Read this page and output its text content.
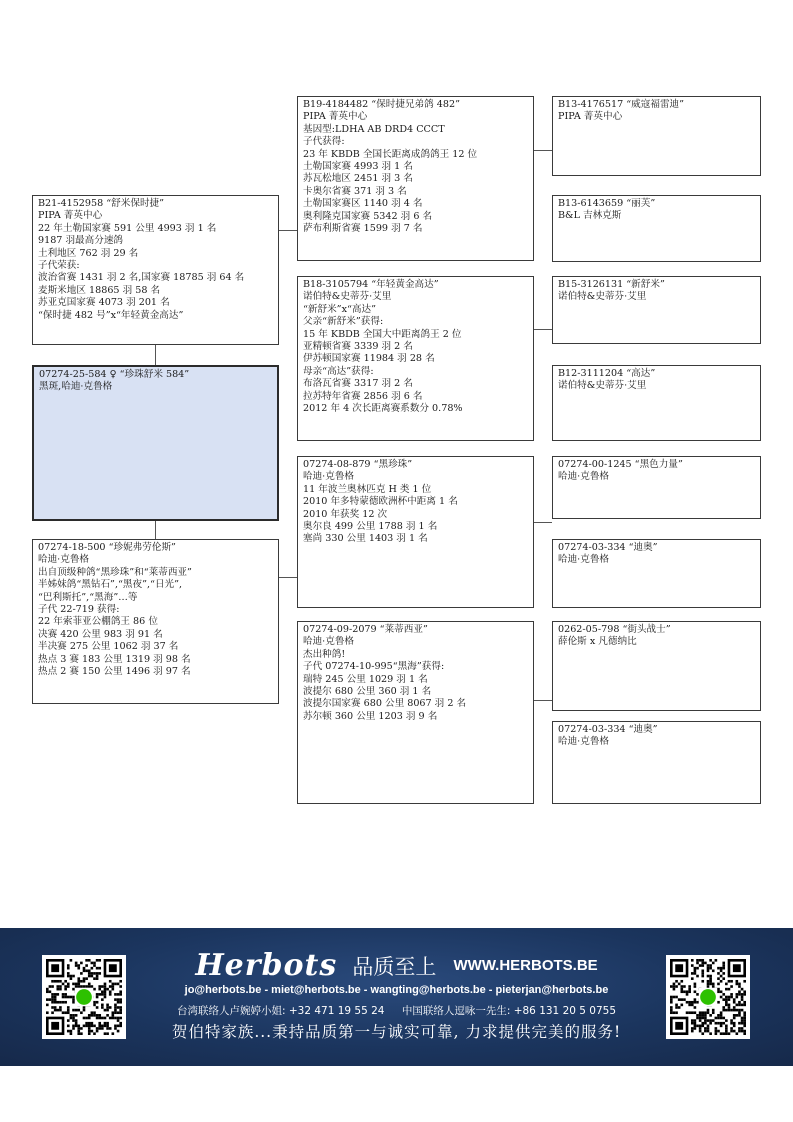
B21-4152958 “舒米保时捷”
PIPA 菁英中心
22 年土勒国家赛 591 公里 4993 羽 1 名
9187 羽最高分速鸽
土利地区 762 羽 29 名
子代荣获:
波治省赛 1431 羽 2 名,国家赛 18785 羽 64 名
麦斯米地区 18865 羽 58 名
苏亚克国家赛 4073 羽 201 名
“保时捷 482 号”x“年轻黄金高达”
07274-25-584 ♀ “珍珠舒米 584”
黑斑,哈迪·克鲁格
07274-18-500 “珍妮弗劳伦斯”
哈迪·克鲁格
出自顶级种鸽“黑珍珠”和“莱蒂西亚”
半姊妹鸽“黑钻石”,“黑夜”,“日光”,
“巴利斯托”,“黑海”…等
子代 22-719 获得:
22 年索菲亚公棚鸽王 86 位
决赛 420 公里 983 羽 91 名
半决赛 275 公里 1062 羽 37 名
热点 3 赛 183 公里 1319 羽 98 名
热点 2 赛 150 公里 1496 羽 97 名
B19-4184482 “保时捷兄弟鸽 482”
PIPA 菁英中心
基因型:LDHA AB DRD4 CCCT
子代获得:
23 年 KBDB 全国长距离成鸽鸽王 12 位
土勒国家赛 4993 羽 1 名
苏瓦松地区 2451 羽 3 名
卡奥尔省赛 371 羽 3 名
土勒国家赛区 1140 羽 4 名
奥利隆克国家赛 5342 羽 6 名
萨布利斯省赛 1599 羽 7 名
B18-3105794 “年轻黄金高达”
诺伯特&史蒂芬·艾里
“新舒米”x“高达”
父亲“新舒米”获得:
15 年 KBDB 全国大中距离鸽王 2 位
亚精顿省赛 3339 羽 2 名
伊苏顿国家赛 11984 羽 28 名
母亲“高达”获得:
布洛瓦省赛 3317 羽 2 名
拉苏特年省赛 2856 羽 6 名
2012 年 4 次长距离赛系数分 0.78%
07274-08-879 “黑珍珠”
哈迪·克鲁格
11 年波兰奥林匹克 H 类 1 位
2010 年多特蒙德欧洲杯中距离 1 名
2010 年获奖 12 次
奥尔良 499 公里 1788 羽 1 名
塞尚 330 公里 1403 羽 1 名
07274-09-2079 “莱蒂西亚”
哈迪·克鲁格
杰出种鸽!
子代 07274-10-995“黑海”获得:
瑞特 245 公里 1029 羽 1 名
波提尔 680 公里 360 羽 1 名
波提尔国家赛 680 公里 8067 羽 2 名
苏尔顿 360 公里 1203 羽 9 名
B13-4176517 “威寇福雷迪”
PIPA 菁英中心
B13-6143659 “丽芙”
B&L 吉林克斯
B15-3126131 “新舒米”
诺伯特&史蒂芬·艾里
B12-3111204 “高达”
诺伯特&史蒂芬·艾里
07274-00-1245 “黑色力量”
哈迪·克鲁格
07274-03-334 “迪奥”
哈迪·克鲁格
0262-05-798 “街头战士”
薛伦斯 x 凡德纳比
07274-03-334 “迪奥”
哈迪·克鲁格
Herbots 品质至上 WWW.HERBOTS.BE
jo@herbots.be - miet@herbots.be - wangting@herbots.be - pieterjan@herbots.be
台湾联络人卢婉婷小姐: +32 471 19 55 24 中国联络人逗咏一先生: +86 131 20 5 0755
贺伯特家族...秉持品质第一与诚实可靠, 力求提供完美的服务!
